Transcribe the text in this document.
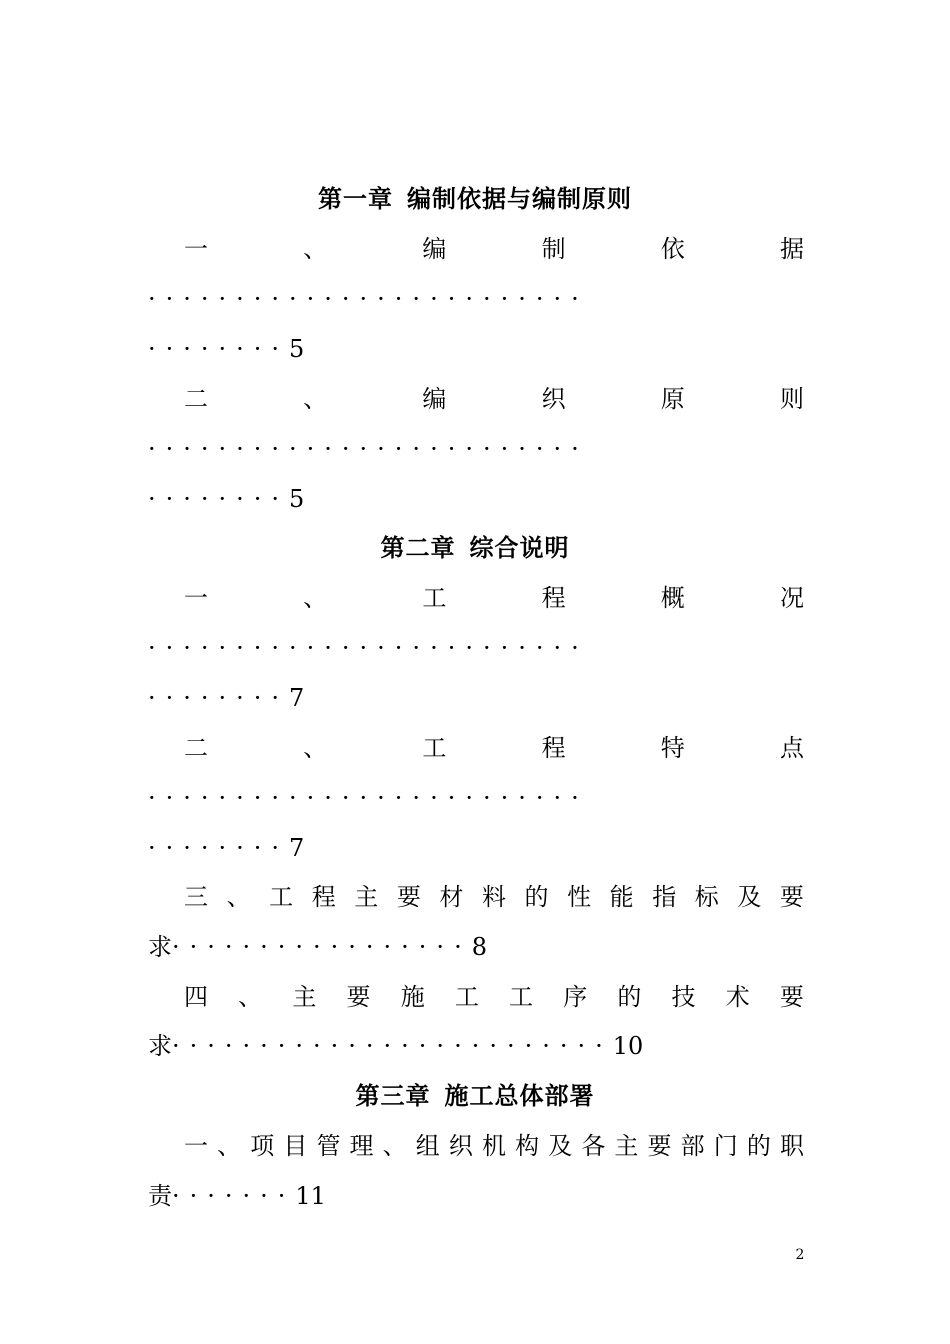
第一章 编制依据与编制原则
一	、	编	制	依	据
·························
········5
二	、	编	织	原	则
·························
········5
第二章 综合说明
一	、	工	程	概	况
·························
········7
二	、	工	程	特	点
·························
········7
三 、 工 程 主 要 材 料 的 性 能 指 标 及 要
求·················8
四 、 主 要 施 工 工 序 的 技 术 要
求·························10
第三章 施工总体部署
一 、 项 目 管 理 、 组 织 机 构 及 各 主 要 部 门 的 职
责·······11
2
